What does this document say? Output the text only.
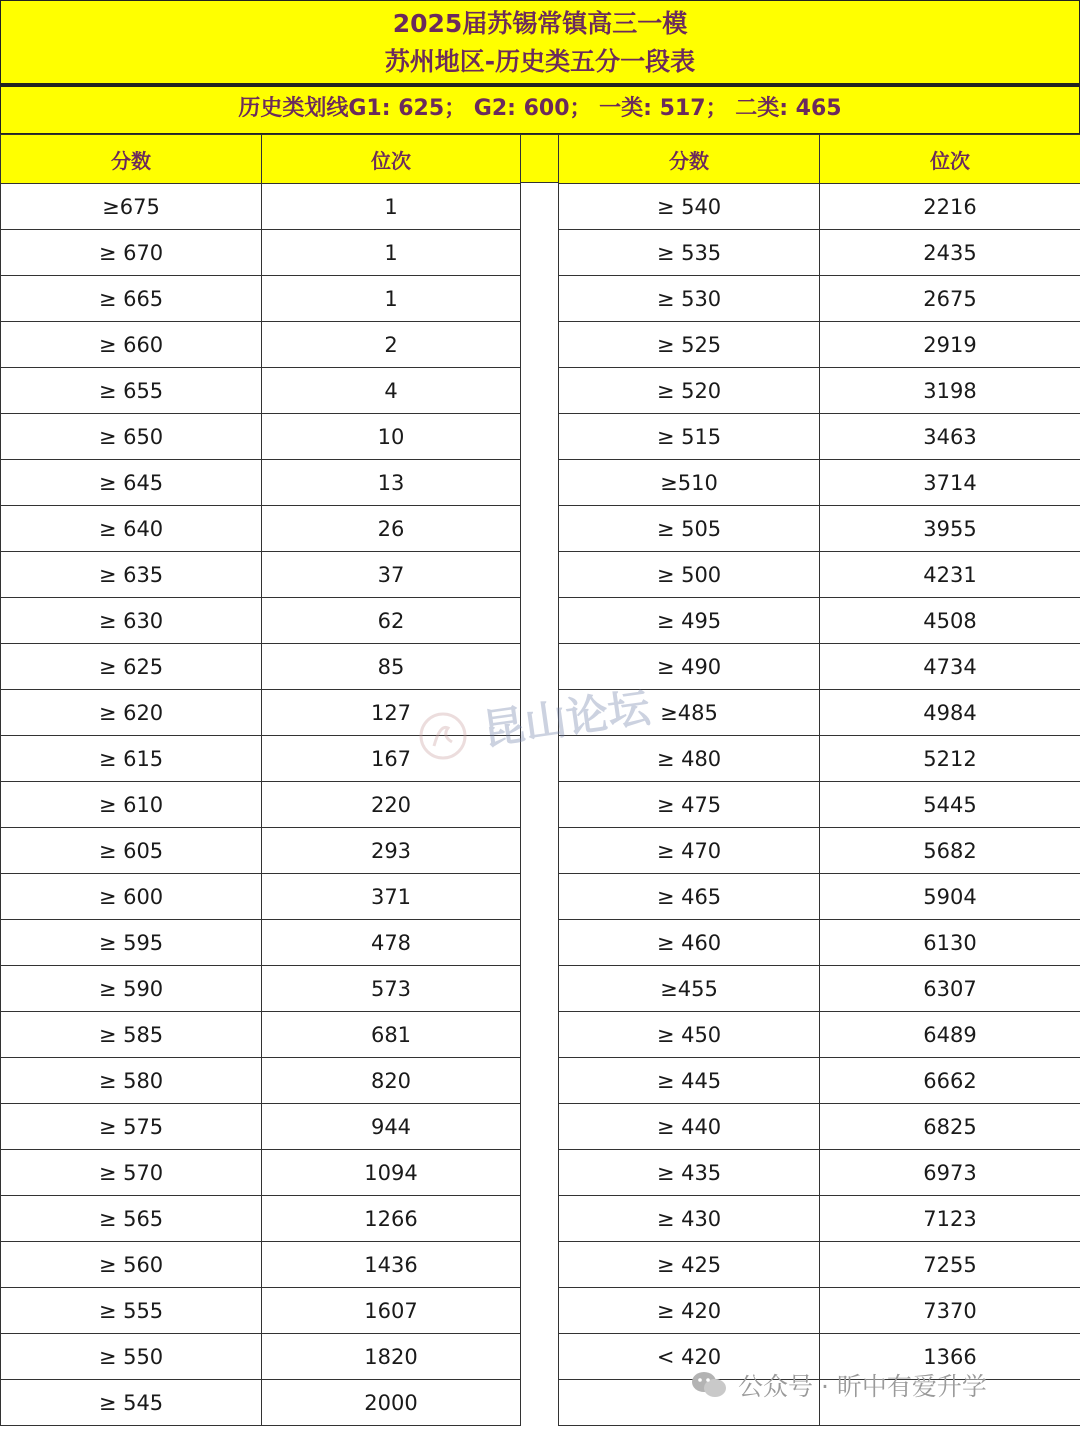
2025届苏锡常镇高三一模
苏州地区-历史类五分一段表
历史类划线G1: 625； G2: 600； 一类: 517； 二类: 465
分数	位次
≥675	1
≥ 670	1
≥ 665	1
≥ 660	2
≥ 655	4
≥ 650	10
≥ 645	13
≥ 640	26
≥ 635	37
≥ 630	62
≥ 625	85
≥ 620	127
≥ 615	167
≥ 610	220
≥ 605	293
≥ 600	371
≥ 595	478
≥ 590	573
≥ 585	681
≥ 580	820
≥ 575	944
≥ 570	1094
≥ 565	1266
≥ 560	1436
≥ 555	1607
≥ 550	1820
≥ 545	2000
分数	位次
≥ 540	2216
≥ 535	2435
≥ 530	2675
≥ 525	2919
≥ 520	3198
≥ 515	3463
≥510	3714
≥ 505	3955
≥ 500	4231
≥ 495	4508
≥ 490	4734
≥485	4984
≥ 480	5212
≥ 475	5445
≥ 470	5682
≥ 465	5904
≥ 460	6130
≥455	6307
≥ 450	6489
≥ 445	6662
≥ 440	6825
≥ 435	6973
≥ 430	7123
≥ 425	7255
≥ 420	7370
< 420	1366

昆山论坛
公众号 · 昕中有爱升学
